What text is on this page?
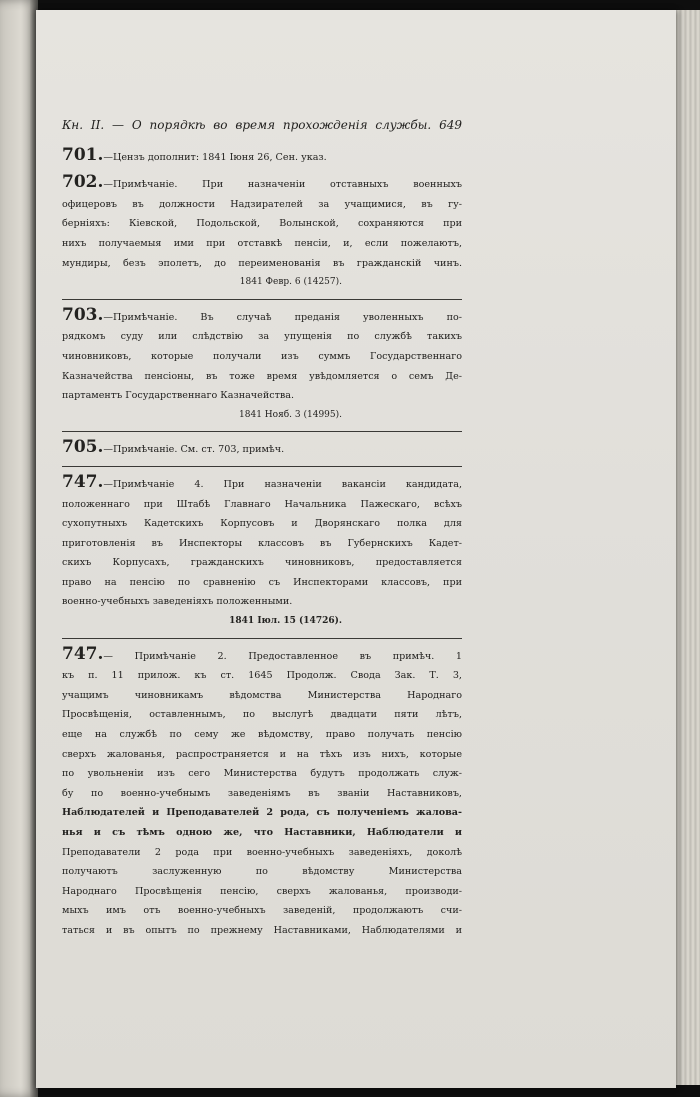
Кн. II. — О порядкѣ во время прохожденія службы. 649
701.—Цензъ дополнит: 1841 Іюня 26, Сен. указ.
702.—Примѣчаніе. При назначеніи отставныхъ военныхъ
офицеровъ въ должности Надзирателей за учащимися, въ гу-
берніяхъ: Кіевской, Подольской, Волынской, сохраняются при
нихъ получаемыя ими при отставкѣ пенсіи, и, если пожелаютъ,
мундиры, безъ эполетъ, до переименованія въ гражданскій чинъ.
1841 Февр. 6 (14257).
703.—Примѣчаніе. Въ случаѣ преданія уволенныхъ по-
рядкомъ суду или слѣдствію за упущенія по службѣ такихъ
чиновниковъ, которые получали изъ суммъ Государственнаго
Казначейства пенсіоны, въ тоже время увѣдомляется о семъ Де-
партаментъ Государственнаго Казначейства.
1841 Нояб. 3 (14995).
705.—Примѣчаніе. См. ст. 703, примѣч.
747.—Примѣчаніе 4. При назначеніи вакансіи кандидата,
положеннаго при Штабѣ Главнаго Начальника Пажескаго, всѣхъ
сухопутныхъ Кадетскихъ Корпусовъ и Дворянскаго полка для
приготовленія въ Инспекторы классовъ въ Губернскихъ Кадет-
скихъ Корпусахъ, гражданскихъ чиновниковъ, предоставляется
право на пенсію по сравненію съ Инспекторами классовъ, при
военно-учебныхъ заведеніяхъ положенными.
1841 Іюл. 15 (14726).
747.— Примѣчаніе 2. Предоставленное въ примѣч. 1
къ п. 11 прилож. къ ст. 1645 Продолж. Свода Зак. Т. 3,
учащимъ чиновникамъ вѣдомства Министерства Народнаго
Просвѣщенія, оставленнымъ, по выслугѣ двадцати пяти лѣтъ,
еще на службѣ по сему же вѣдомству, право получать пенсію
сверхъ жалованья, распространяется и на тѣхъ изъ нихъ, которые
по увольненіи изъ сего Министерства будутъ продолжать служ-
бу по военно-учебнымъ заведеніямъ въ званіи Наставниковъ,
Наблюдателей и Преподавателей 2 рода, съ полученіемъ жалова-
нья и съ тѣмъ одною же, что Наставники, Наблюдатели и
Преподаватели 2 рода при военно-учебныхъ заведеніяхъ, доколѣ
получаютъ заслуженную по вѣдомству Министерства
Народнаго Просвѣщенія пенсію, сверхъ жалованья, производи-
мыхъ имъ отъ военно-учебныхъ заведеній, продолжаютъ счи-
таться и въ опытъ по прежнему Наставниками, Наблюдателями и
